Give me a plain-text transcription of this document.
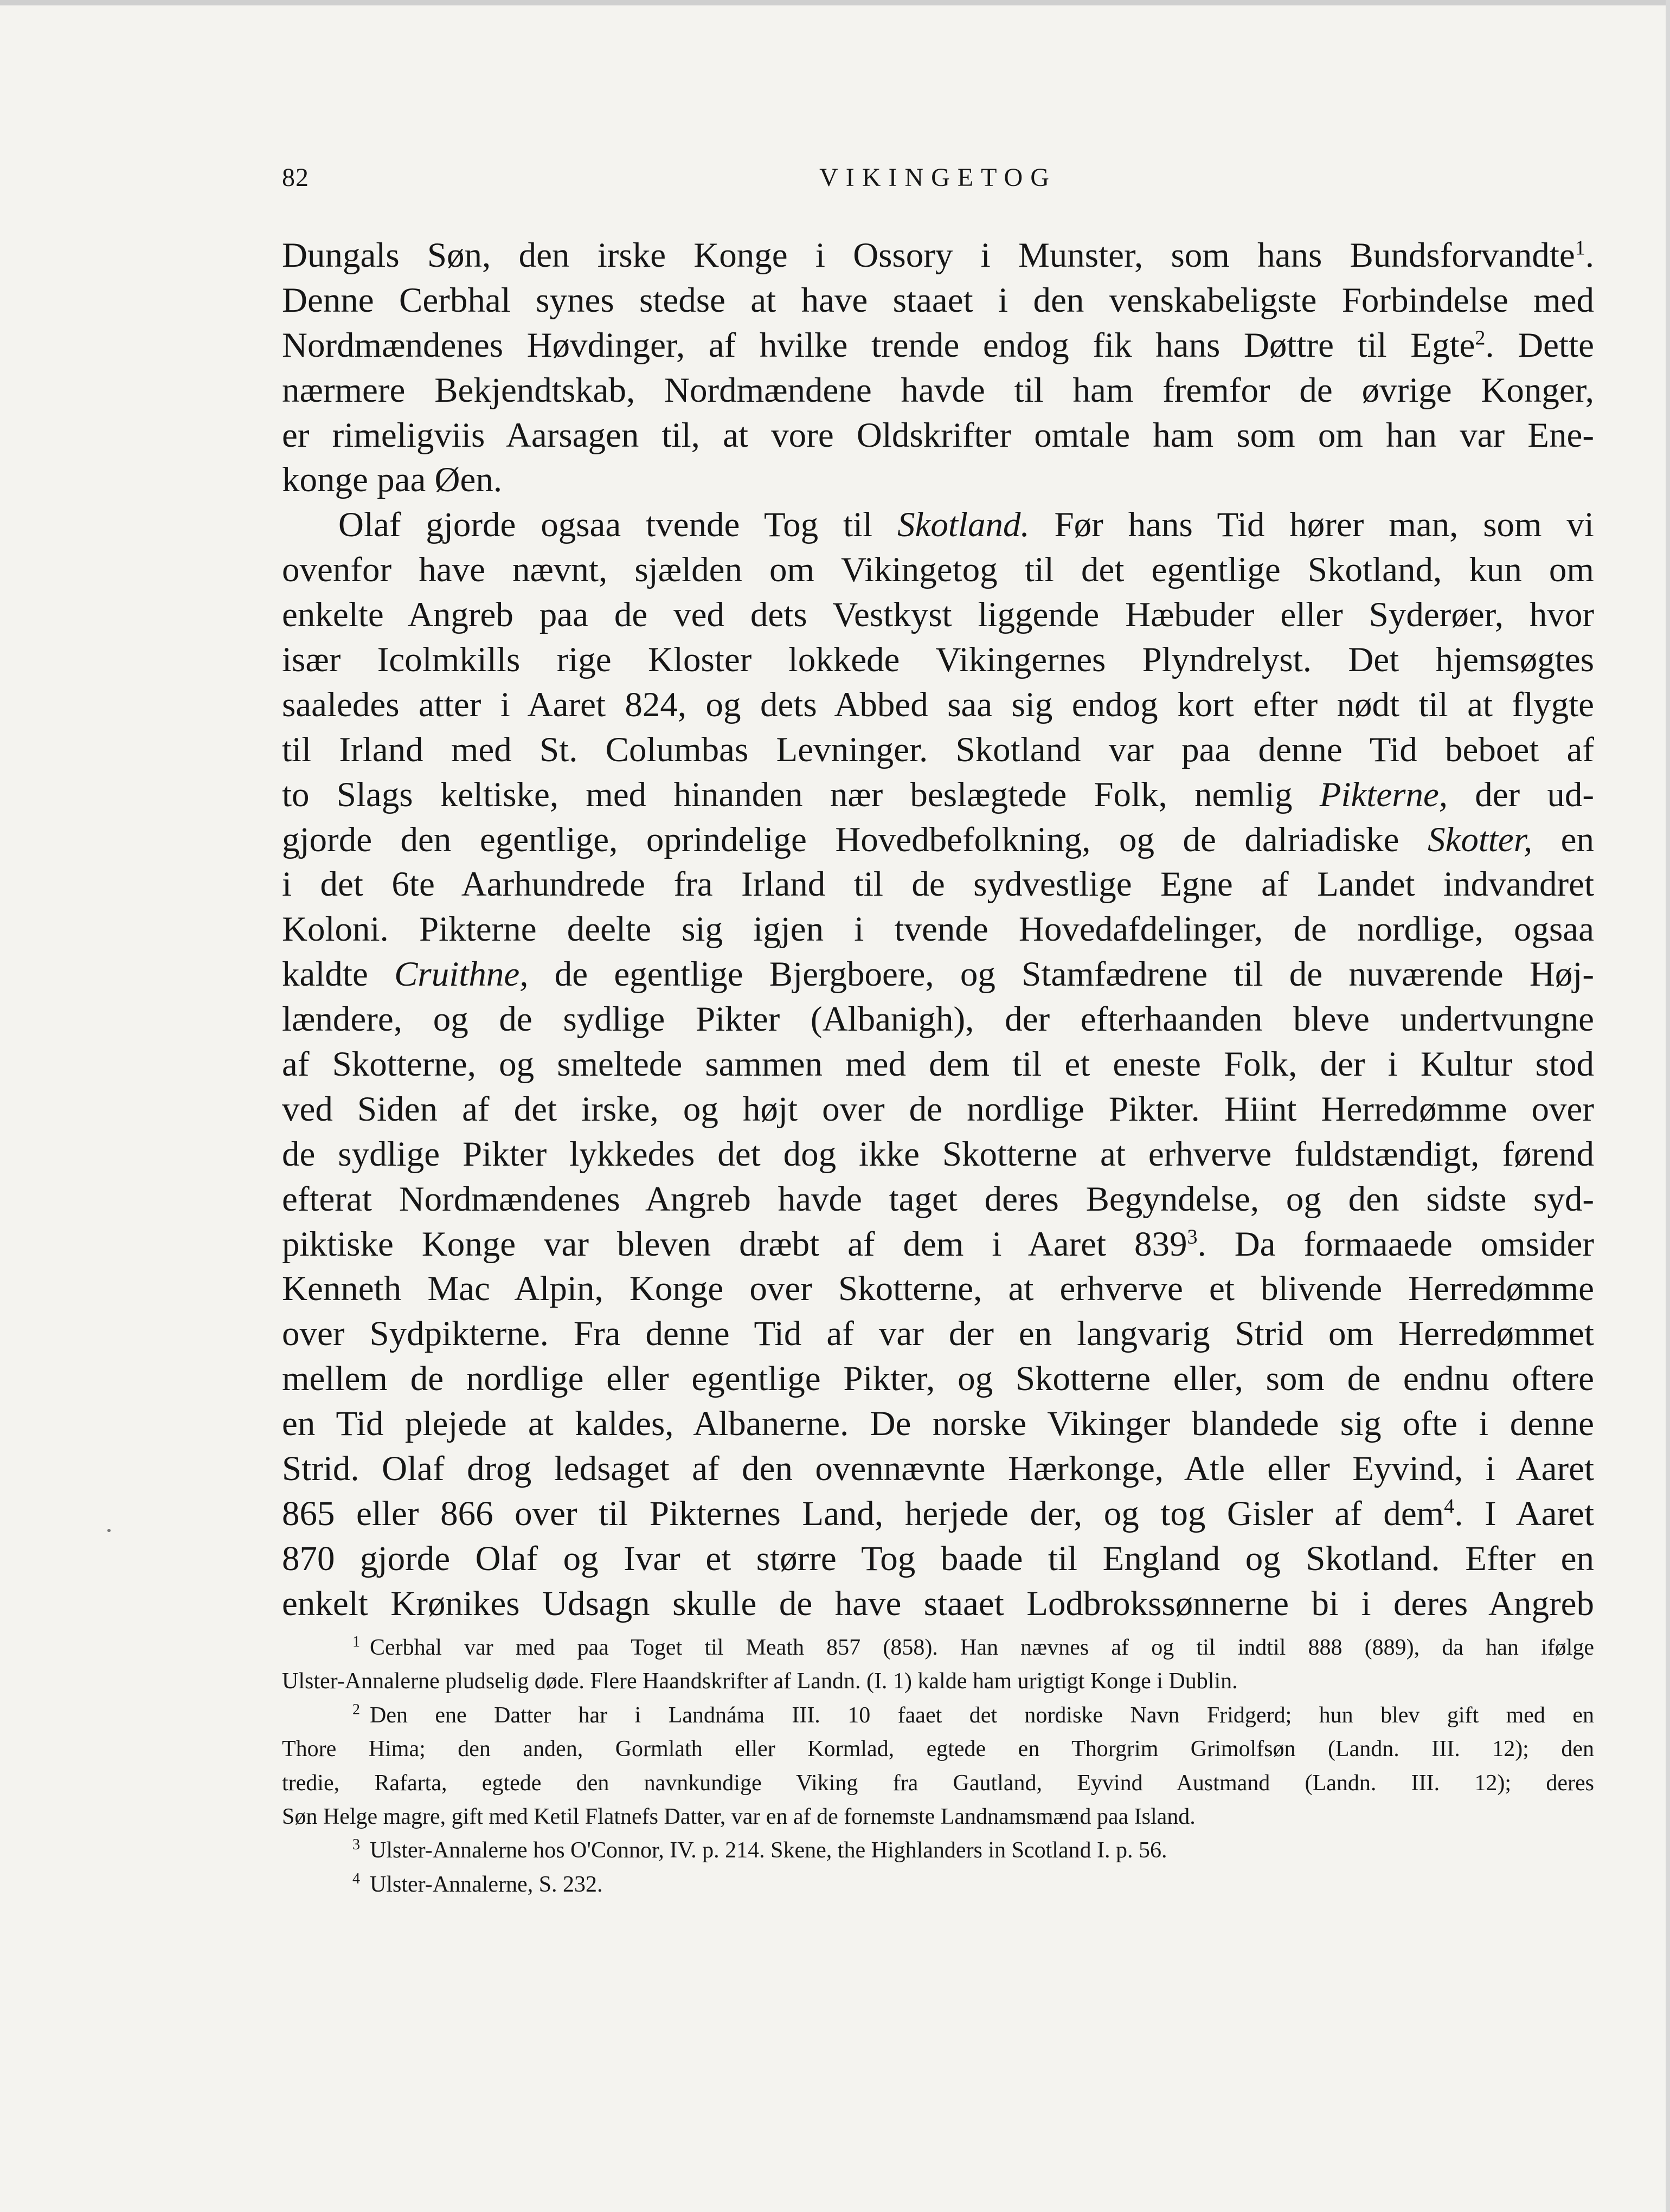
82	VIKINGETOG
Dungals Søn, den irske Konge i Ossory i Munster, som hans Bundsforvandte$^1$.
Denne Cerbhal synes stedse at have staaet i den venskabeligste Forbindelse med
Nordmændenes Høvdinger, af hvilke trende endog fik hans Døttre til Egte$^2$. Dette
nærmere Bekjendtskab, Nordmændene havde til ham fremfor de øvrige Konger,
er rimeligviis Aarsagen til, at vore Oldskrifter omtale ham som om han var Ene-
konge paa Øen.
Olaf gjorde ogsaa tvende Tog til Skotland. Før hans Tid hører man, som vi
ovenfor have nævnt, sjælden om Vikingetog til det egentlige Skotland, kun om
enkelte Angreb paa de ved dets Vestkyst liggende Hæbuder eller Syderøer, hvor
især Icolmkills rige Kloster lokkede Vikingernes Plyndrelyst. Det hjemsøgtes
saaledes atter i Aaret 824, og dets Abbed saa sig endog kort efter nødt til at flygte
til Irland med St. Columbas Levninger. Skotland var paa denne Tid beboet af
to Slags keltiske, med hinanden nær beslægtede Folk, nemlig Pikterne, der ud-
gjorde den egentlige, oprindelige Hovedbefolkning, og de dalriadiske Skotter, en
i det 6te Aarhundrede fra Irland til de sydvestlige Egne af Landet indvandret
Koloni. Pikterne deelte sig igjen i tvende Hovedafdelinger, de nordlige, ogsaa
kaldte Cruithne, de egentlige Bjergboere, og Stamfædrene til de nuværende Høj-
lændere, og de sydlige Pikter (Albanigh), der efterhaanden bleve undertvungne
af Skotterne, og smeltede sammen med dem til et eneste Folk, der i Kultur stod
ved Siden af det irske, og højt over de nordlige Pikter. Hiint Herredømme over
de sydlige Pikter lykkedes det dog ikke Skotterne at erhverve fuldstændigt, førend
efterat Nordmændenes Angreb havde taget deres Begyndelse, og den sidste syd-
piktiske Konge var bleven dræbt af dem i Aaret $839^3$. Da formaaede omsider
Kenneth Mac Alpin, Konge over Skotterne, at erhverve et blivende Herredømme
over Sydpikterne. Fra denne Tid af var der en langvarig Strid om Herredømmet
mellem de nordlige eller egentlige Pikter, og Skotterne eller, som de endnu oftere
en Tid plejede at kaldes, Albanerne. De norske Vikinger blandede sig ofte i denne
Strid. Olaf drog ledsaget af den ovennævnte Hærkonge, Atle eller Eyvind, i Aaret
865 eller 866 over til Pikternes Land, herjede der, og tog Gisler af dem$^4$. I Aaret
870 gjorde Olaf og Ivar et større Tog baade til England og Skotland. Efter en
enkelt Krønikes Udsagn skulle de have staaet Lodbrokssønnerne bi i deres Angreb
$^1$ Cerbhal var med paa Toget til Meath 857 (858). Han nævnes af og til indtil 888 (889), da han ifølge
Ulster-Annalerne pludselig døde. Flere Haandskrifter af Landn. (I. 1) kalde ham urigtigt Konge i Dublin.
$^2$ Den ene Datter har i Landnáma III. 10 faaet det nordiske Navn Fridgerd; hun blev gift med en
Thore Hima; den anden, Gormlath eller Kormlad, egtede en Thorgrim Grimolfsøn (Landn. III. 12); den
tredie, Rafarta, egtede den navnkundige Viking fra Gautland, Eyvind Austmand (Landn. III. 12); deres
Søn Helge magre, gift med Ketil Flatnefs Datter, var en af de fornemste Landnamsmænd paa Island.
$^3$ Ulster-Annalerne hos O'Connor, IV. p. 214. Skene, the Highlanders in Scotland I. p. 56.
$^4$ Ulster-Annalerne, S. 232.
